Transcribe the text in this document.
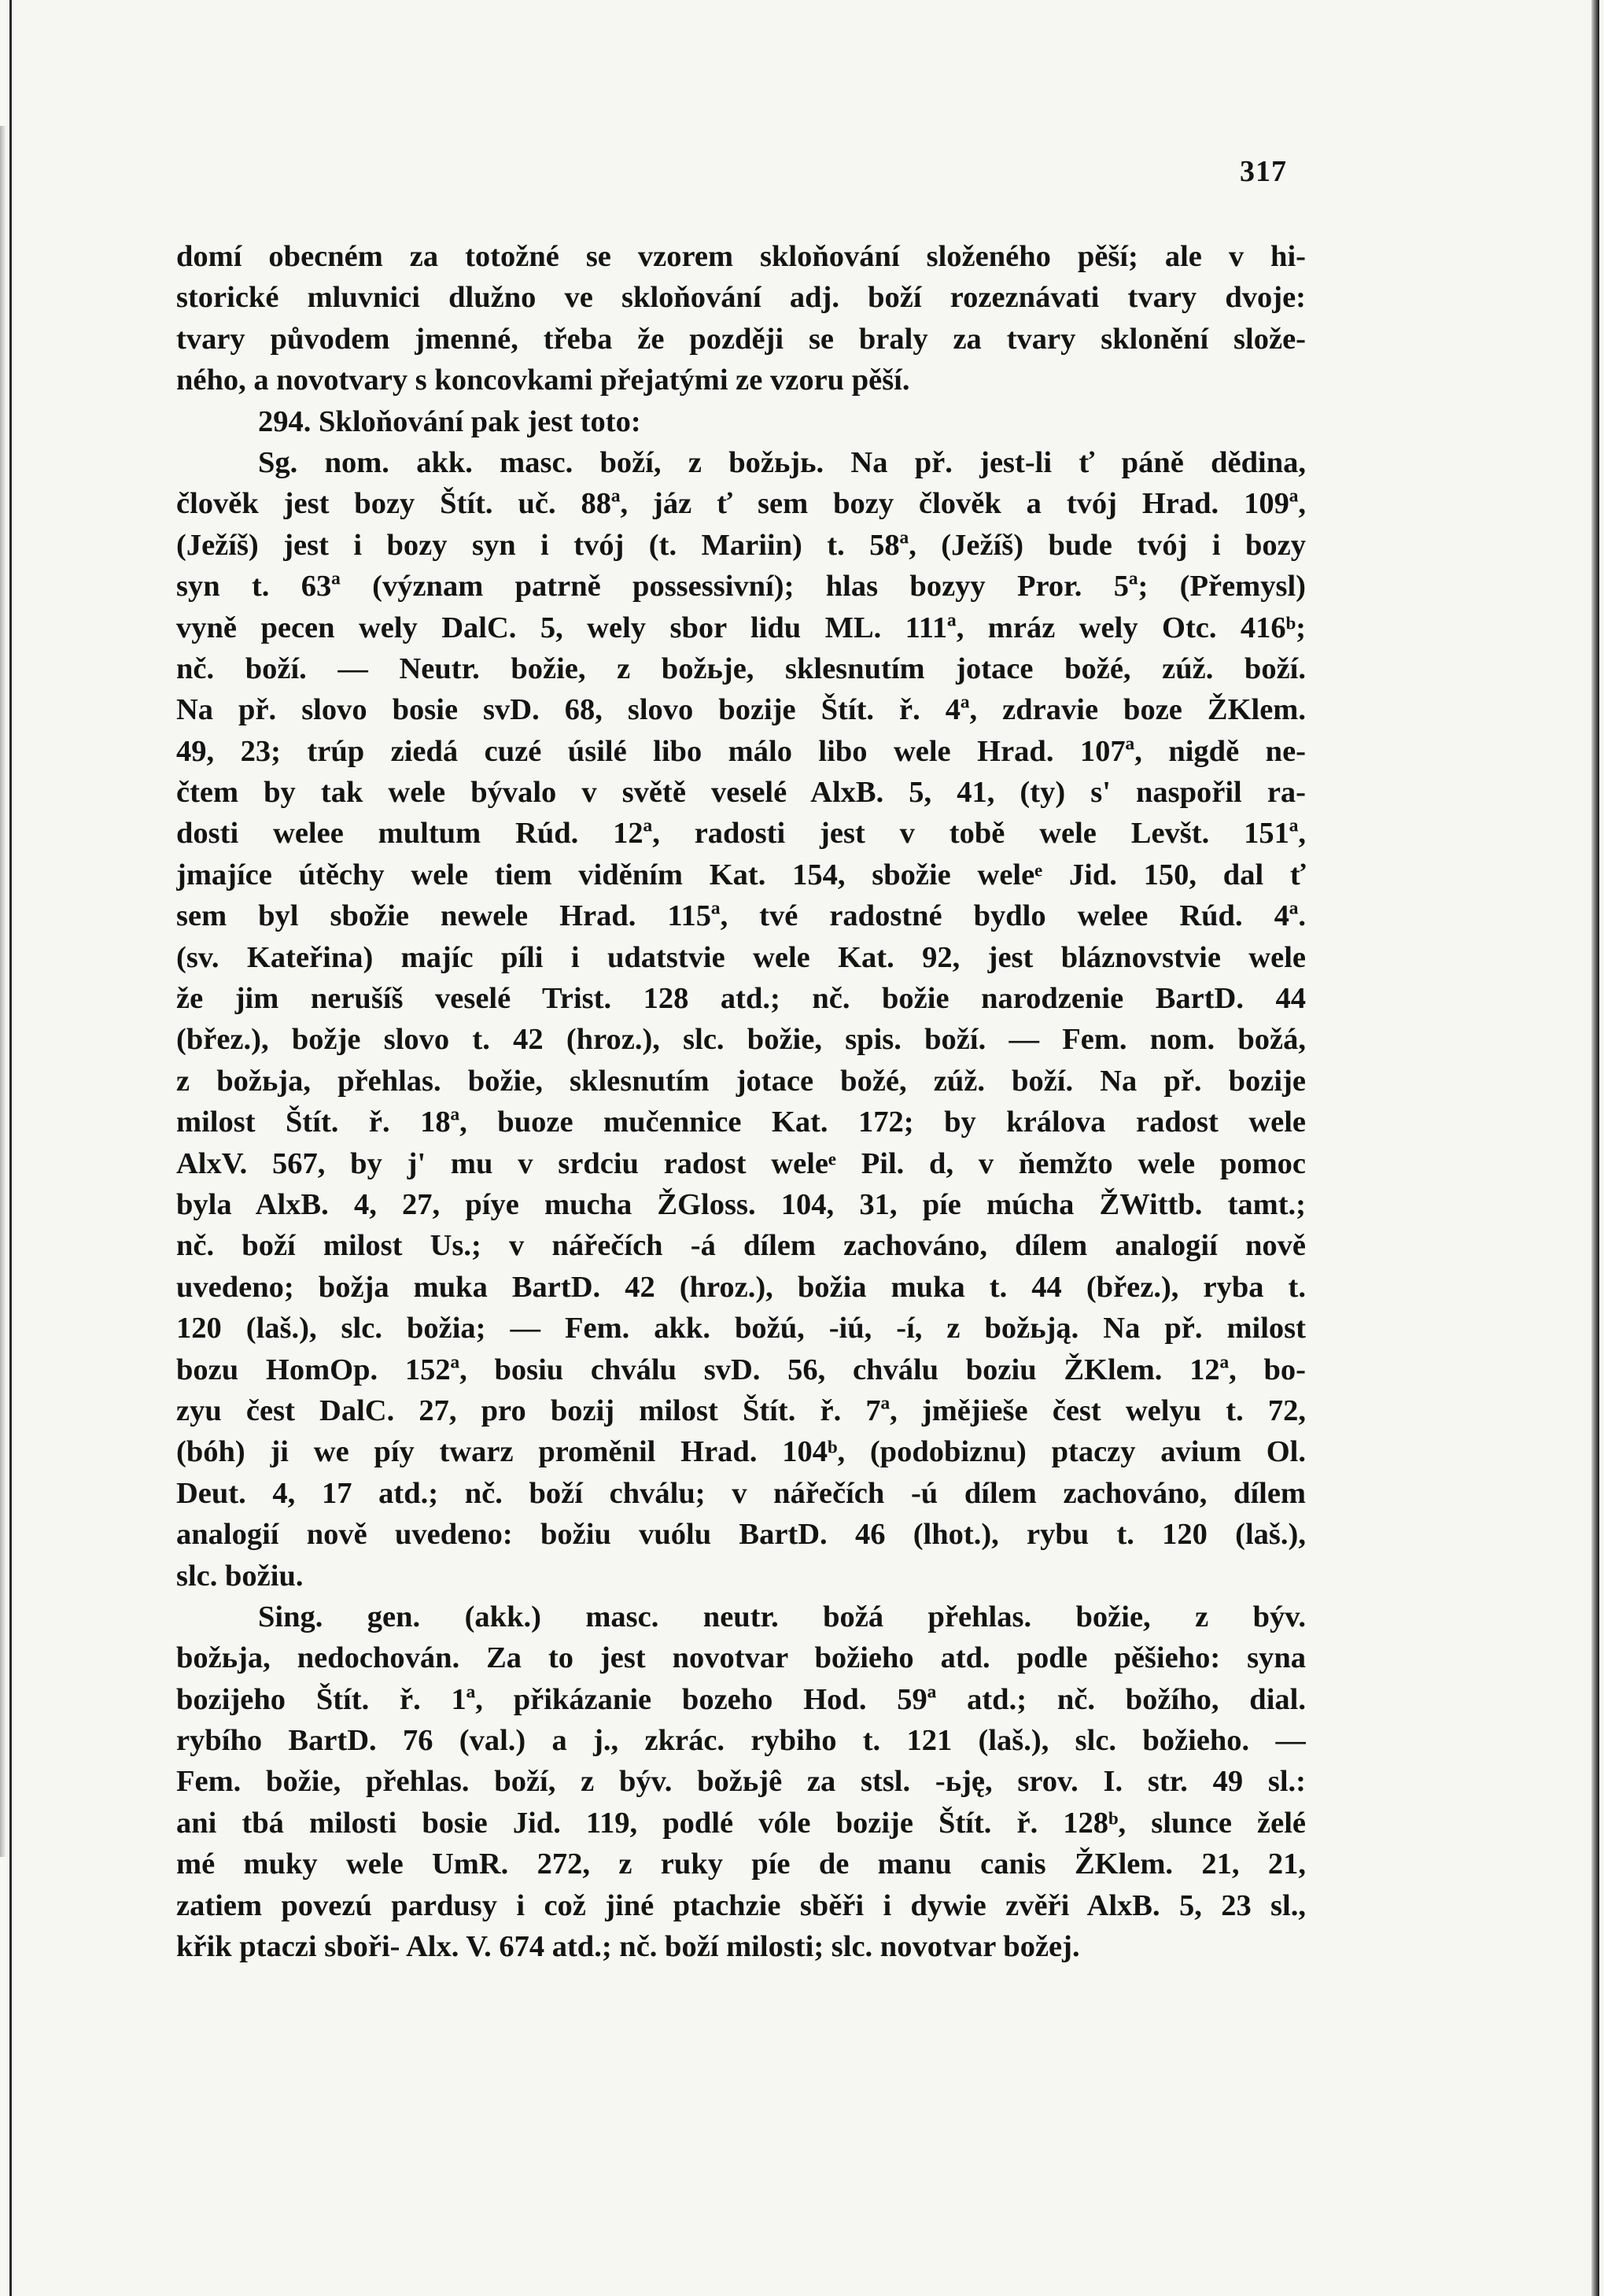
317
domí obecném za totožné se vzorem skloňování složeného pěší; ale v hi-
storické mluvnici dlužno ve skloňování adj. boží rozeznávati tvary dvoje:
tvary původem jmenné, třeba že později se braly za tvary sklonění slože-
ného, a novotvary s koncovkami přejatými ze vzoru pěší.
294. Skloňování pak jest toto:
Sg. nom. akk. masc. boží, z božьjь. Na př. jest-li ť páně dědina,
člověk jest bozy Štít. uč. 88ª, jáz ť sem bozy člověk a tvój Hrad. 109ª,
(Ježíš) jest i bozy syn i tvój (t. Mariin) t. 58ª, (Ježíš) bude tvój i bozy
syn t. 63ª (význam patrně possessivní); hlas bozyy Pror. 5ª; (Přemysl)
vyně pecen wely DalC. 5, wely sbor lidu ML. 111ª, mráz wely Otc. 416ᵇ;
nč. boží. — Neutr. božie, z božьje, sklesnutím jotace božé, zúž. boží.
Na př. slovo bosie svD. 68, slovo bozije Štít. ř. 4ª, zdravie boze ŽKlem.
49, 23; trúp ziedá cuzé úsilé libo málo libo wele Hrad. 107ª, nigdě ne-
čtem by tak wele bývalo v světě veselé AlxB. 5, 41, (ty) s' naspořil ra-
dosti welee multum Rúd. 12ª, radosti jest v tobě wele Levšt. 151ª,
jmajíce útěchy wele tiem viděním Kat. 154, sbožie weleᵉ Jid. 150, dal ť
sem byl sbožie newele Hrad. 115ª, tvé radostné bydlo welee Rúd. 4ª.
(sv. Kateřina) majíc píli i udatstvie wele Kat. 92, jest bláznovstvie wele
že jim nerušíš veselé Trist. 128 atd.; nč. božie narodzenie BartD. 44
(břez.), božje slovo t. 42 (hroz.), slc. božie, spis. boží. — Fem. nom. božá,
z božьja, přehlas. božie, sklesnutím jotace božé, zúž. boží. Na př. bozije
milost Štít. ř. 18ª, buoze mučennice Kat. 172; by králova radost wele
AlxV. 567, by j' mu v srdciu radost weleᵉ Pil. d, v ňemžto wele pomoc
byla AlxB. 4, 27, píye mucha ŽGloss. 104, 31, píe múcha ŽWittb. tamt.;
nč. boží milost Us.; v nářečích -á dílem zachováno, dílem analogií nově
uvedeno; božja muka BartD. 42 (hroz.), božia muka t. 44 (břez.), ryba t.
120 (laš.), slc. božia; — Fem. akk. božú, -iú, -í, z božьją. Na př. milost
bozu HomOp. 152ª, bosiu chválu svD. 56, chválu boziu ŽKlem. 12ª, bo-
zyu čest DalC. 27, pro bozij milost Štít. ř. 7ª, jmějieše čest welyu t. 72,
(bóh) ji we píy twarz proměnil Hrad. 104ᵇ, (podobiznu) ptaczy avium Ol.
Deut. 4, 17 atd.; nč. boží chválu; v nářečích -ú dílem zachováno, dílem
analogií nově uvedeno: božiu vuólu BartD. 46 (lhot.), rybu t. 120 (laš.),
slc. božiu.
Sing. gen. (akk.) masc. neutr. božá přehlas. božie, z býv.
božьja, nedochován. Za to jest novotvar božieho atd. podle pěšieho: syna
bozijeho Štít. ř. 1ª, přikázanie bozeho Hod. 59ª atd.; nč. božího, dial.
rybího BartD. 76 (val.) a j., zkrác. rybiho t. 121 (laš.), slc. božieho. —
Fem. božie, přehlas. boží, z býv. božьjê za stsl. -ьję, srov. I. str. 49 sl.:
ani tbá milosti bosie Jid. 119, podlé vóle bozije Štít. ř. 128ᵇ, slunce želé
mé muky wele UmR. 272, z ruky píe de manu canis ŽKlem. 21, 21,
zatiem povezú pardusy i což jiné ptachzie sběři i dywie zvěři AlxB. 5, 23 sl.,
křik ptaczi sboři- Alx. V. 674 atd.; nč. boží milosti; slc. novotvar božej.
